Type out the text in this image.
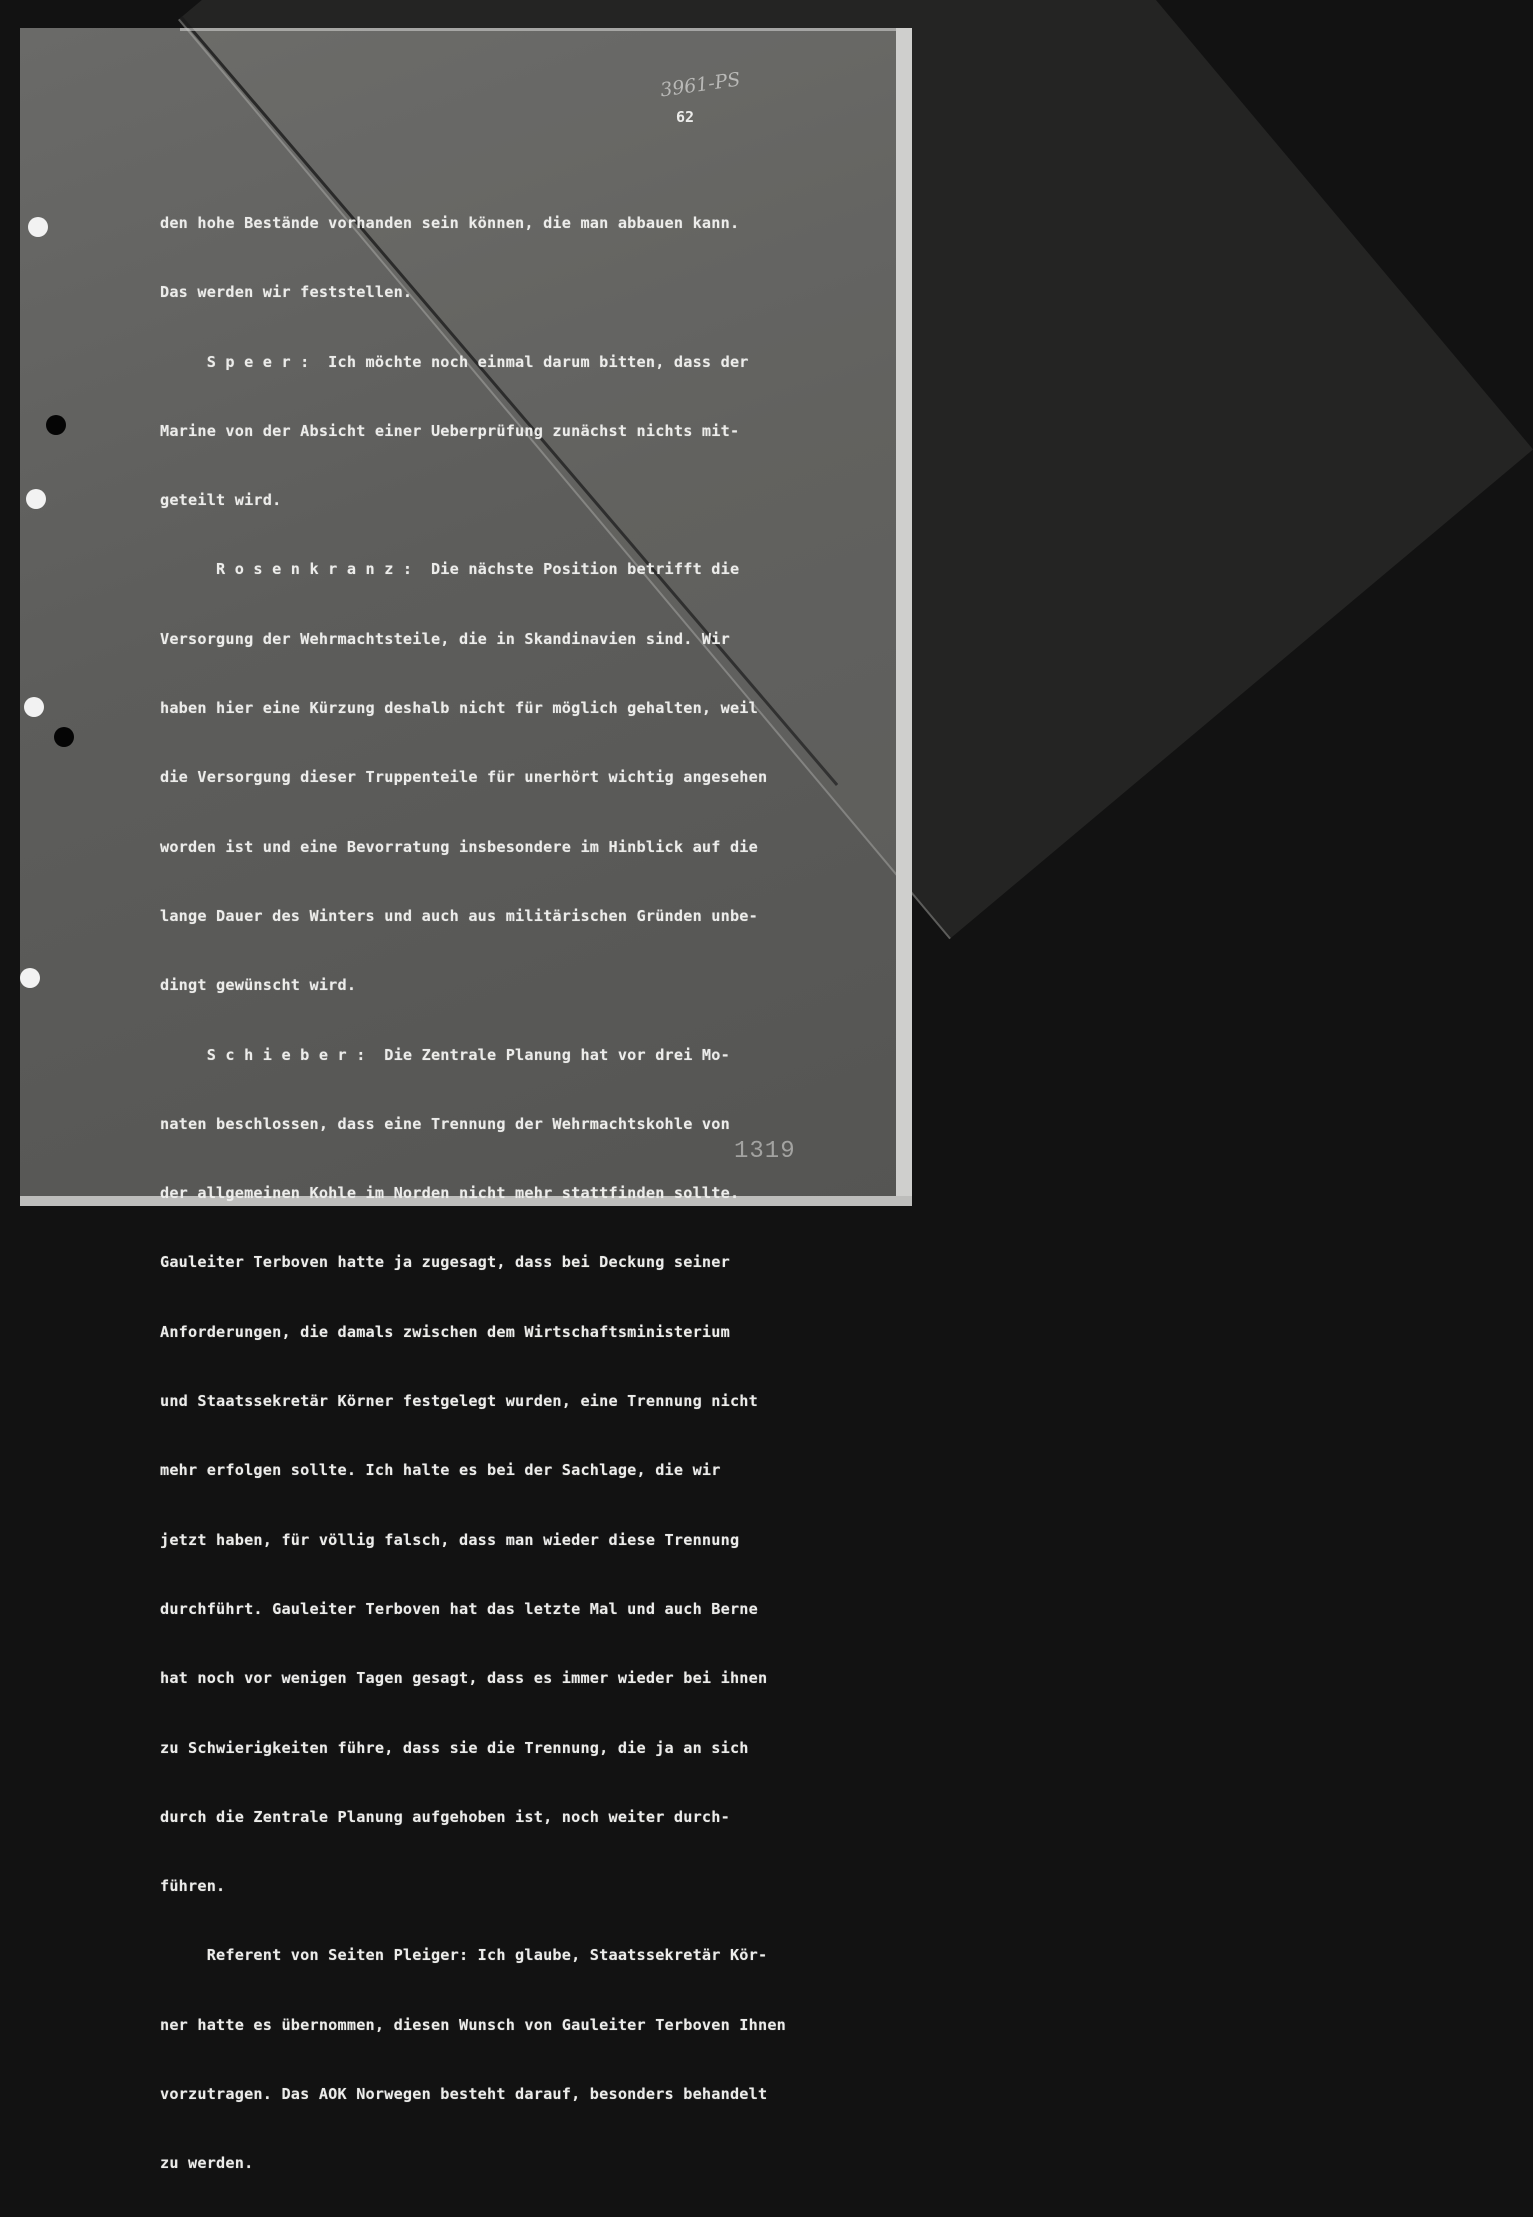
3961-PS
62

den hohe Bestände vorhanden sein können, die man abbauen kann.

Das werden wir feststellen.

S p e e r :  Ich möchte noch einmal darum bitten, dass der

Marine von der Absicht einer Ueberprüfung zunächst nichts mit-

geteilt wird.

R o s e n k r a n z :  Die nächste Position betrifft die

Versorgung der Wehrmachtsteile, die in Skandinavien sind. Wir

haben hier eine Kürzung deshalb nicht für möglich gehalten, weil

die Versorgung dieser Truppenteile für unerhört wichtig angesehen

worden ist und eine Bevorratung insbesondere im Hinblick auf die

lange Dauer des Winters und auch aus militärischen Gründen unbe-

dingt gewünscht wird.

S c h i e b e r :  Die Zentrale Planung hat vor drei Mo-

naten beschlossen, dass eine Trennung der Wehrmachtskohle von

der allgemeinen Kohle im Norden nicht mehr stattfinden sollte.

Gauleiter Terboven hatte ja zugesagt, dass bei Deckung seiner

Anforderungen, die damals zwischen dem Wirtschaftsministerium

und Staatssekretär Körner festgelegt wurden, eine Trennung nicht

mehr erfolgen sollte. Ich halte es bei der Sachlage, die wir

jetzt haben, für völlig falsch, dass man wieder diese Trennung

durchführt. Gauleiter Terboven hat das letzte Mal und auch Berne

hat noch vor wenigen Tagen gesagt, dass es immer wieder bei ihnen

zu Schwierigkeiten führe, dass sie die Trennung, die ja an sich

durch die Zentrale Planung aufgehoben ist, noch weiter durch-

führen.

Referent von Seiten Pleiger: Ich glaube, Staatssekretär Kör-

ner hatte es übernommen, diesen Wunsch von Gauleiter Terboven Ihnen

vorzutragen. Das AOK Norwegen besteht darauf, besonders behandelt

zu werden.

1319
